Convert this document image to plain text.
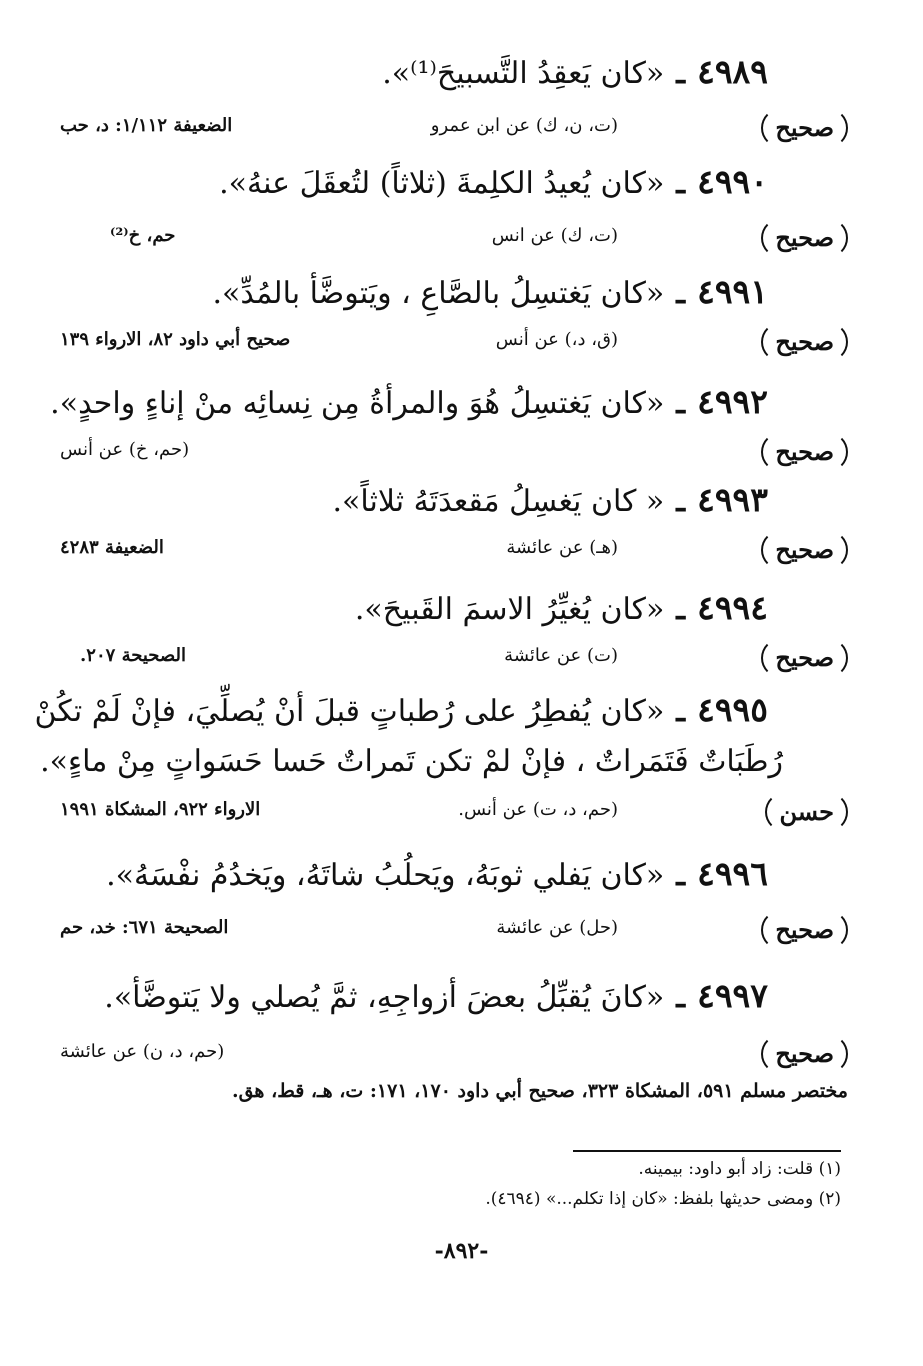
٤٩٨٩ـ«كان يَعقِدُ التَّسبيحَ⁽¹⁾».
صحيح
(ت، ن، ك) عن ابن عمرو
الضعيفة ١/١١٢: د، حب
٤٩٩٠ـ«كان يُعيدُ الكلِمةَ (ثلاثاً) لتُعقَلَ عنهُ».
صحيح
(ت، ك) عن انس
حم، خ⁽²⁾
٤٩٩١ـ«كان يَغتسِلُ بالصَّاعِ ، ويَتوضَّأ بالمُدِّ».
صحيح
(ق، د،) عن أنس
صحيح أبي داود ٨٢، الارواء ١٣٩
٤٩٩٢ـ«كان يَغتسِلُ هُوَ والمرأةُ مِن نِسائِه منْ إناءٍ واحدٍ».
صحيح
(حم، خ) عن أنس
٤٩٩٣ـ« كان يَغسِلُ مَقعدَتَهُ ثلاثاً».
صحيح
(هـ) عن عائشة
الضعيفة ٤٢٨٣
٤٩٩٤ـ«كان يُغيِّرُ الاسمَ القَبيحَ».
صحيح
(ت) عن عائشة
الصحيحة ٢٠٧.
٤٩٩٥ـ«كان يُفطِرُ على رُطباتٍ قبلَ أنْ يُصلِّيَ، فإنْ لَمْ تكُنْ
رُطَبَاتٌ فَتَمَراتٌ ، فإنْ لمْ تكن تَمراتٌ حَسا حَسَواتٍ مِنْ ماءٍ».
حسن
(حم، د، ت) عن أنس.
الارواء ٩٢٢، المشكاة ١٩٩١
٤٩٩٦ـ«كان يَفلي ثوبَهُ، ويَحلُبُ شاتَهُ، ويَخدُمُ نفْسَهُ».
صحيح
(حل) عن عائشة
الصحيحة ٦٧١: خد، حم
٤٩٩٧ـ«كانَ يُقبِّلُ بعضَ أزواجِهِ، ثمَّ يُصلي ولا يَتوضَّأ».
صحيح
(حم، د، ن) عن عائشة
مختصر مسلم ٥٩١، المشكاة ٣٢٣، صحيح أبي داود ١٧٠، ١٧١: ت، هـ، قط، هق.
(١) قلت: زاد أبو داود: بيمينه.
(٢) ومضى حديثها بلفظ: «كان إذا تكلم...» (٤٦٩٤).
-٨٩٢-
